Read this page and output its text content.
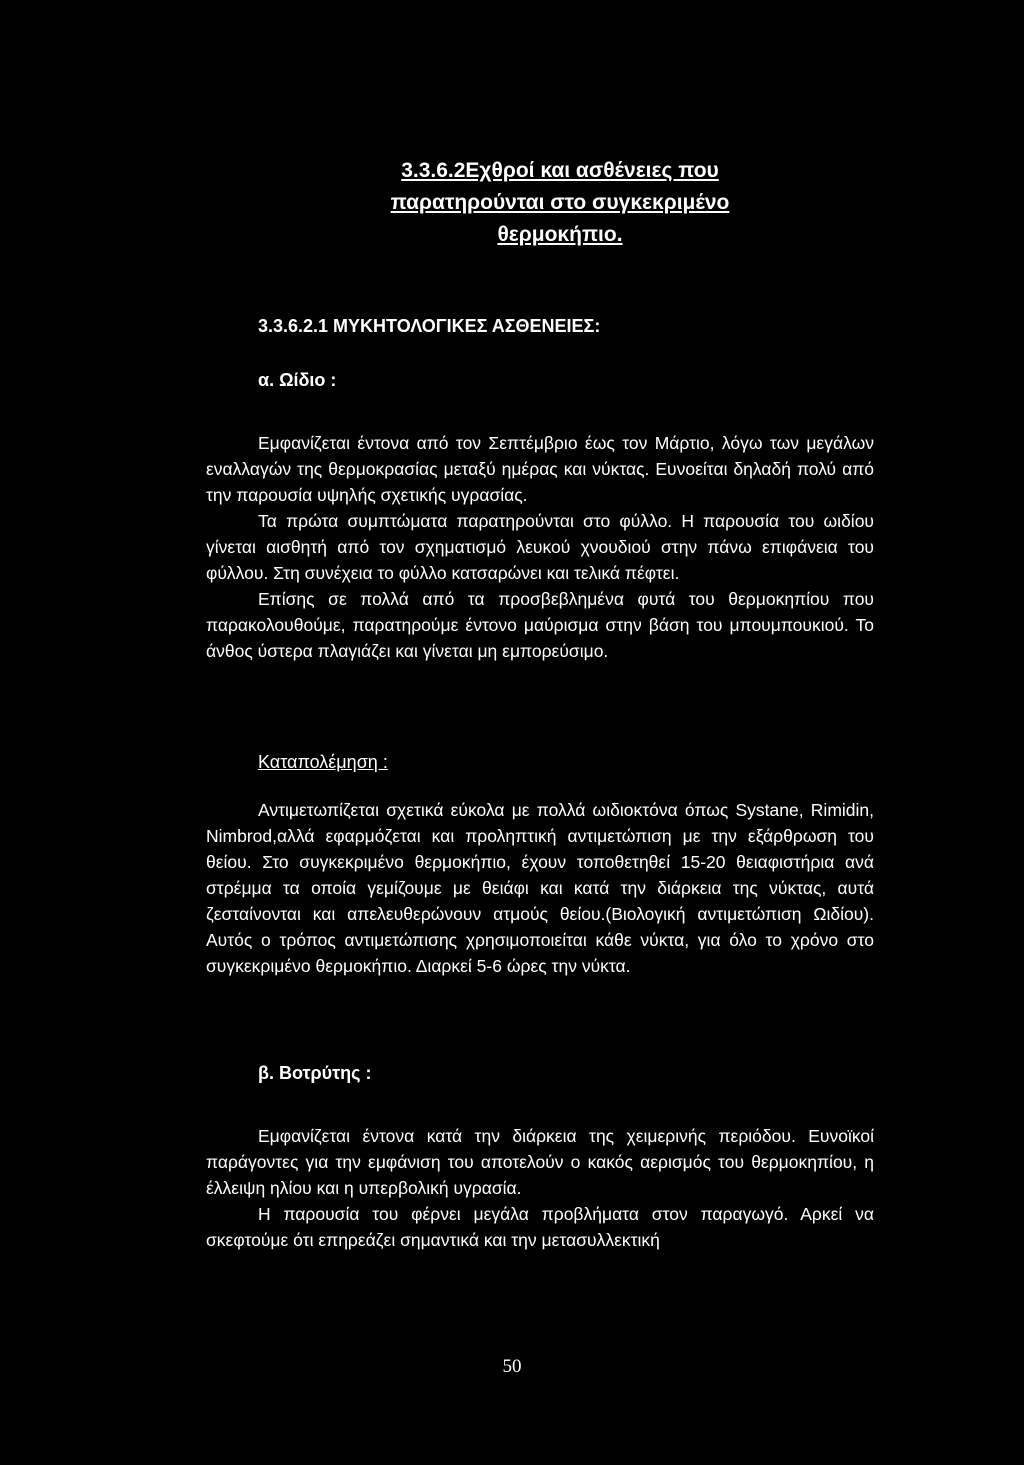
3.3.6.2Εχθροί και ασθένειες που παρατηρούνται στο συγκεκριμένο θερμοκήπιο.
3.3.6.2.1 ΜΥΚΗΤΟΛΟΓΙΚΕΣ ΑΣΘΕΝΕΙΕΣ:
α. Ωίδιο :

Εμφανίζεται έντονα από τον Σεπτέμβριο έως τον Μάρτιο, λόγω των μεγάλων εναλλαγών της θερμοκρασίας μεταξύ ημέρας και νύκτας. Ευνοείται δηλαδή πολύ από την παρουσία υψηλής σχετικής υγρασίας.

Τα πρώτα συμπτώματα παρατηρούνται στο φύλλο. Η παρουσία του ωιδίου γίνεται αισθητή από τον σχηματισμό λευκού χνουδιού στην πάνω επιφάνεια του φύλλου. Στη συνέχεια το φύλλο κατσαρώνει και τελικά πέφτει.

Επίσης σε πολλά από τα προσβεβλημένα φυτά του θερμοκηπίου που παρακολουθούμε, παρατηρούμε έντονο μαύρισμα στην βάση του μπουμπουκιού. Το άνθος ύστερα πλαγιάζει και γίνεται μη εμπορεύσιμο.

Καταπολέμηση :

Αντιμετωπίζεται σχετικά εύκολα με πολλά ωιδιοκτόνα όπως Systane, Rimidin, Nimbrod,αλλά εφαρμόζεται και προληπτική αντιμετώπιση με την εξάρθρωση του θείου. Στο συγκεκριμένο θερμοκήπιο, έχουν τοποθετηθεί 15-20 θειαφιστήρια ανά στρέμμα τα οποία γεμίζουμε με θειάφι και κατά την διάρκεια της νύκτας, αυτά ζεσταίνονται και απελευθερώνουν ατμούς θείου.(Βιολογική αντιμετώπιση Ωιδίου). Αυτός ο τρόπος αντιμετώπισης χρησιμοποιείται κάθε νύκτα, για όλο το χρόνο στο συγκεκριμένο θερμοκήπιο. Διαρκεί 5-6 ώρες την νύκτα.

β. Βοτρύτης :

Εμφανίζεται έντονα κατά την διάρκεια της χειμερινής περιόδου. Ευνοϊκοί παράγοντες για την εμφάνιση του αποτελούν ο κακός αερισμός του θερμοκηπίου, η έλλειψη ηλίου και η υπερβολική υγρασία.

Η παρουσία του φέρνει μεγάλα προβλήματα στον παραγωγό. Αρκεί να σκεφτούμε ότι επηρεάζει σημαντικά και την μετασυλλεκτική

50
